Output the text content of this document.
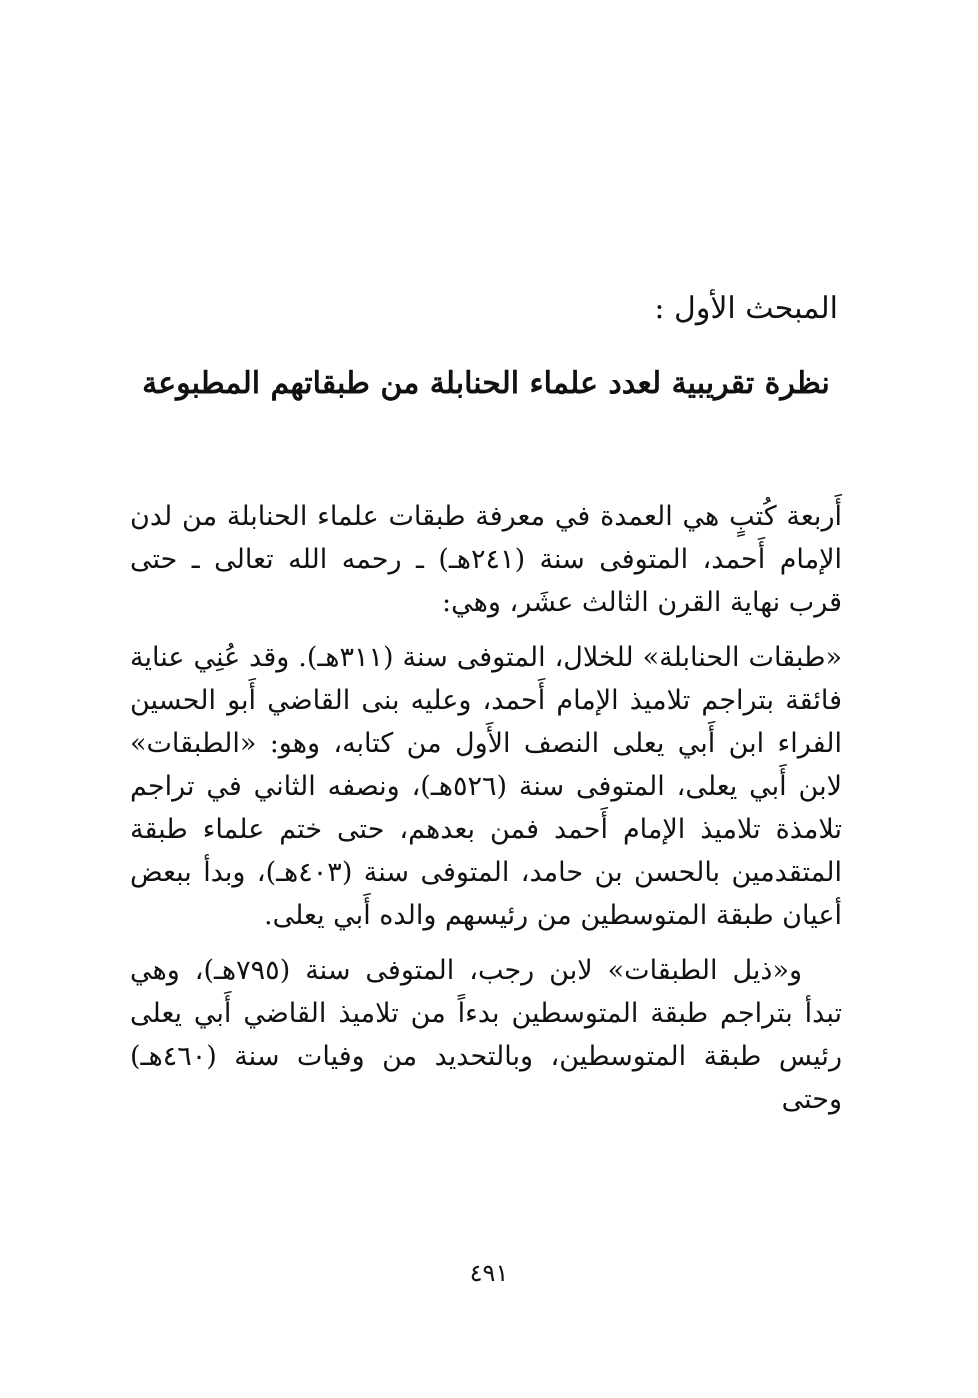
المبحث الأول :
نظرة تقريبية لعدد علماء الحنابلة من طبقاتهم المطبوعة

أَربعة كُتبٍ هي العمدة في معرفة طبقات علماء الحنابلة من لدن الإمام أَحمد، المتوفى سنة (٢٤١هـ) ـ رحمه الله تعالى ـ حتى قرب نهاية القرن الثالث عشَر، وهي:

«طبقات الحنابلة» للخلال، المتوفى سنة (٣١١هـ). وقد عُنِي عناية فائقة بتراجم تلاميذ الإمام أَحمد، وعليه بنى القاضي أَبو الحسين الفراء ابن أَبي يعلى النصف الأَول من كتابه، وهو: «الطبقات» لابن أَبي يعلى، المتوفى سنة (٥٢٦هـ)، ونصفه الثاني في تراجم تلامذة تلاميذ الإمام أَحمد فمن بعدهم، حتى ختم علماء طبقة المتقدمين بالحسن بن حامد، المتوفى سنة (٤٠٣هـ)، وبدأ ببعض أعيان طبقة المتوسطين من رئيسهم والده أَبي يعلى.

و«ذيل الطبقات» لابن رجب، المتوفى سنة (٧٩٥هـ)، وهي تبدأ بتراجم طبقة المتوسطين بدءاً من تلاميذ القاضي أَبي يعلى رئيس طبقة المتوسطين، وبالتحديد من وفيات سنة (٤٦٠هـ) وحتى

٤٩١
